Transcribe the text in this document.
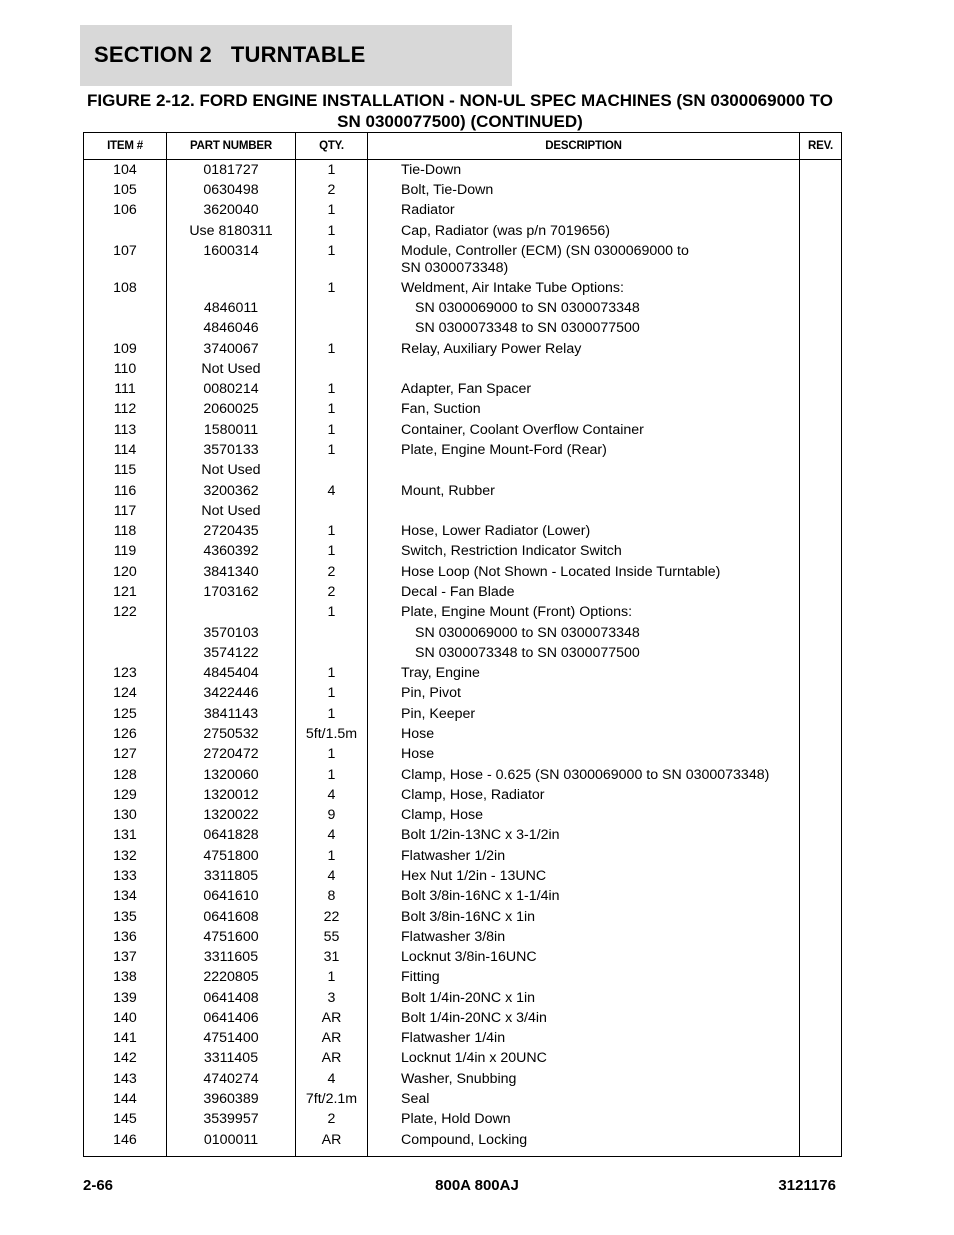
SECTION 2   TURNTABLE
FIGURE 2-12. FORD ENGINE INSTALLATION - NON-UL SPEC MACHINES (SN 0300069000 TO
SN 0300077500) (CONTINUED)
ITEM #	PART NUMBER	QTY.	DESCRIPTION	REV.
104	0181727	1	Tie-Down	

105	0630498	2	Bolt, Tie-Down	

106	3620040	1	Radiator	

	Use 8180311	1	Cap, Radiator (was p/n 7019656)	

107	1600314	1	Module, Controller (ECM) (SN 0300069000 to
SN 0300073348)	

108		1	Weldment, Air Intake Tube Options:	

	4846011		SN 0300069000 to SN 0300073348	

	4846046		SN 0300073348 to SN 0300077500	

109	3740067	1	Relay, Auxiliary Power Relay	

110	Not Used		

111	0080214	1	Adapter, Fan Spacer	

112	2060025	1	Fan, Suction	

113	1580011	1	Container, Coolant Overflow Container	

114	3570133	1	Plate, Engine Mount-Ford (Rear)	

115	Not Used		

116	3200362	4	Mount, Rubber	

117	Not Used		

118	2720435	1	Hose, Lower Radiator (Lower)	

119	4360392	1	Switch, Restriction Indicator Switch	

120	3841340	2	Hose Loop (Not Shown - Located Inside Turntable)	

121	1703162	2	Decal - Fan Blade	

122		1	Plate, Engine Mount (Front) Options:	

	3570103		SN 0300069000 to SN 0300073348	

	3574122		SN 0300073348 to SN 0300077500	

123	4845404	1	Tray, Engine	

124	3422446	1	Pin, Pivot	

125	3841143	1	Pin, Keeper	

126	2750532	5ft/1.5m	Hose	

127	2720472	1	Hose	

128	1320060	1	Clamp, Hose - 0.625 (SN 0300069000 to SN 0300073348)	

129	1320012	4	Clamp, Hose, Radiator	

130	1320022	9	Clamp, Hose	

131	0641828	4	Bolt 1/2in-13NC x 3-1/2in	

132	4751800	1	Flatwasher 1/2in	

133	3311805	4	Hex Nut 1/2in - 13UNC	

134	0641610	8	Bolt 3/8in-16NC x 1-1/4in	

135	0641608	22	Bolt 3/8in-16NC x 1in	

136	4751600	55	Flatwasher 3/8in	

137	3311605	31	Locknut 3/8in-16UNC	

138	2220805	1	Fitting	

139	0641408	3	Bolt 1/4in-20NC x 1in	

140	0641406	AR	Bolt 1/4in-20NC x 3/4in	

141	4751400	AR	Flatwasher 1/4in	

142	3311405	AR	Locknut 1/4in x 20UNC	

143	4740274	4	Washer, Snubbing	

144	3960389	7ft/2.1m	Seal	

145	3539957	2	Plate, Hold Down	

146	0100011	AR	Compound, Locking	

2-66	800A 800AJ	3121176
